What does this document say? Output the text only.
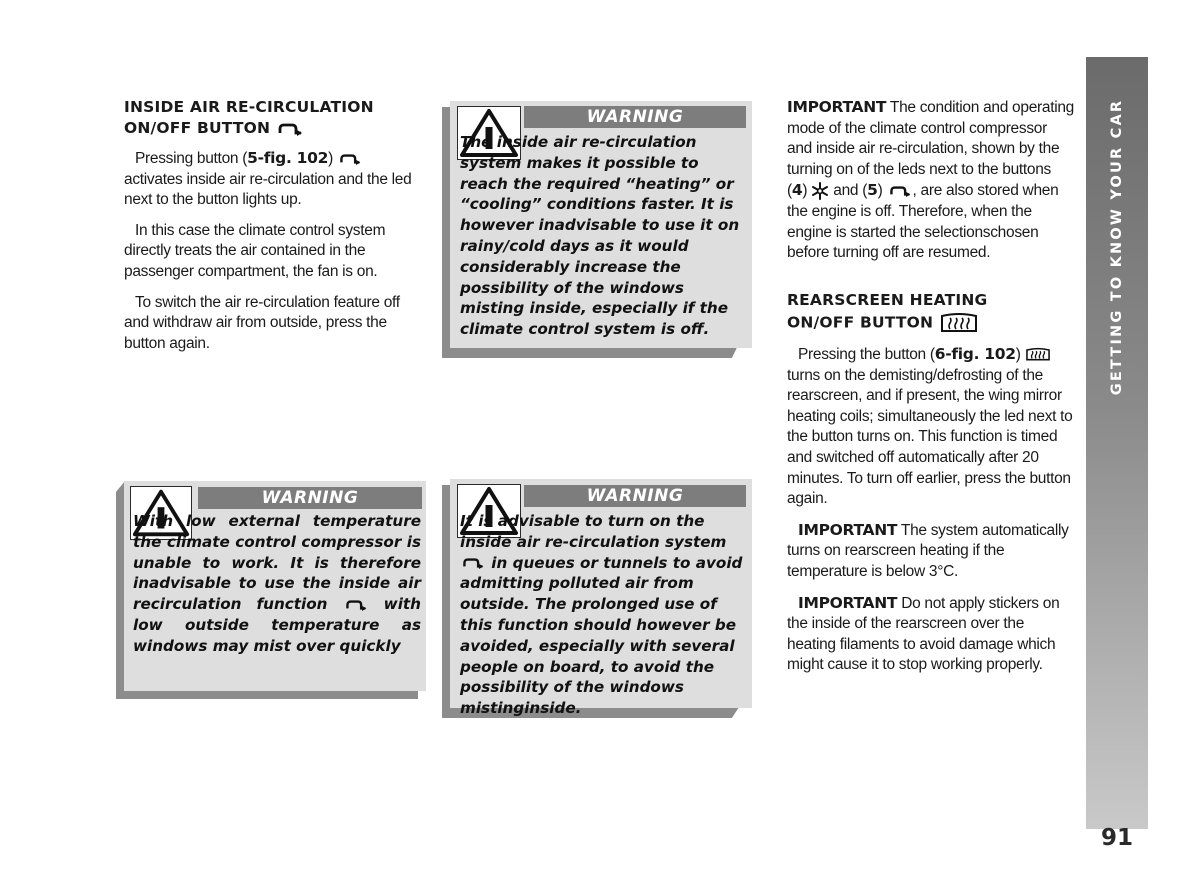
INSIDE AIR RE-CIRCULATION
ON/OFF BUTTON

Pressing button (5-fig. 102)  activates inside air re-circulation and the led next to the button lights up.

In this case the climate control system directly treats the air contained in the passenger compartment, the fan is on.

To switch the air re-circulation feature off and withdraw air from outside, press the button again.

WARNING
The inside air re-circulation system makes it possible to reach the required “heating” or “cooling” conditions faster. It is however inadvisable to use it on rainy/cold days as it would considerably increase the possibility of the windows misting inside, especially if the climate control system is off.
WARNING
With low external temperature the climate control compressor is unable to work. It is therefore inadvisable to use the inside air recirculation function	with low outside temperature as windows may mist over quickly
WARNING
It is advisable to turn on the inside air re-circulation system  in queues or tunnels to avoid admitting polluted air from outside. The prolonged use of this function should however be avoided, especially with several people on board, to avoid the possibility of the windows mistinginside.

IMPORTANT The condition and operating mode of the climate control compressor and inside air re-circulation, shown by the turning on of the leds next to the buttons (4)  and (5) , are also stored when the engine is off. Therefore, when the engine is started the selectionschosen before turning off are resumed.

REARSCREEN HEATING
ON/OFF BUTTON

Pressing the button (6-fig. 102)  turns on the demisting/defrosting of the rearscreen, and if present, the wing mirror heating coils; simultaneously the led next to the button turns on. This function is timed and switched off automatically after 20 minutes. To turn off earlier, press the button again.

IMPORTANT The system automatically turns on rearscreen heating if the temperature is below 3°C.

IMPORTANT Do not apply stickers on the inside of the rearscreen over the heating filaments to avoid damage which might cause it to stop working properly.

GETTING TO KNOW YOUR CAR
91
